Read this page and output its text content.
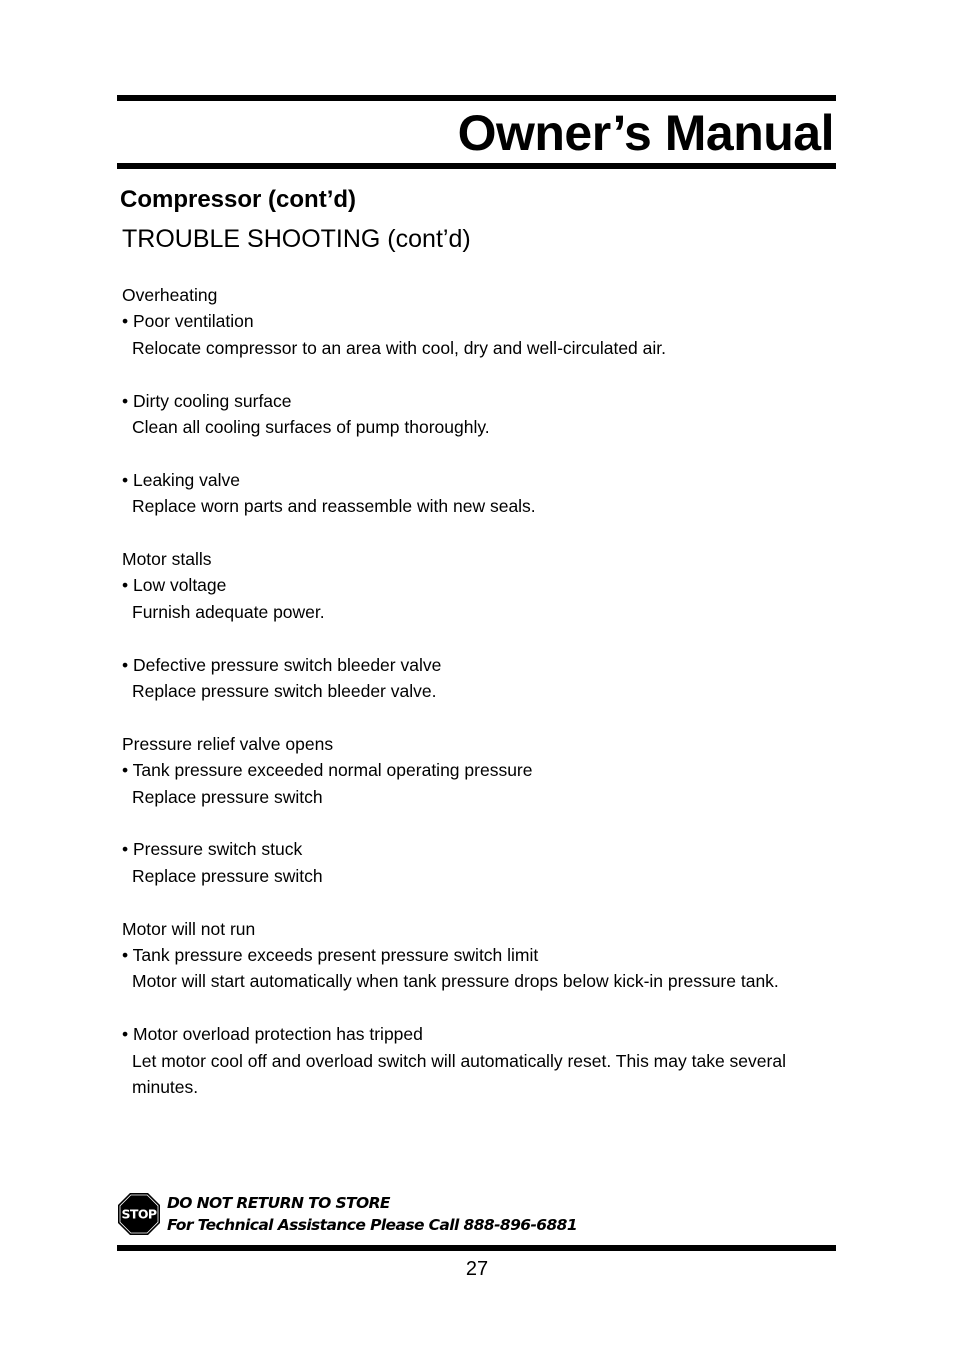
Owner’s Manual
Compressor (cont’d)
TROUBLE SHOOTING (cont’d)

Overheating

• Poor ventilation

Relocate compressor to an area with cool, dry and well-circulated air.

• Dirty cooling surface

Clean all cooling surfaces of pump thoroughly.

• Leaking valve

Replace worn parts and reassemble with new seals.

Motor stalls

• Low voltage

Furnish adequate power.

• Defective pressure switch bleeder valve

Replace pressure switch bleeder valve.

Pressure relief valve opens

• Tank pressure exceeded normal operating pressure

Replace pressure switch

• Pressure switch stuck

Replace pressure switch

Motor will not run

• Tank pressure exceeds present pressure switch limit

Motor will start automatically when tank pressure drops below kick-in pressure tank.

• Motor overload protection has tripped

Let motor cool off and overload switch will automatically reset. This may take several minutes.

STOP

DO NOT RETURN TO STORE

For Technical Assistance Please Call 888-896-6881

27
